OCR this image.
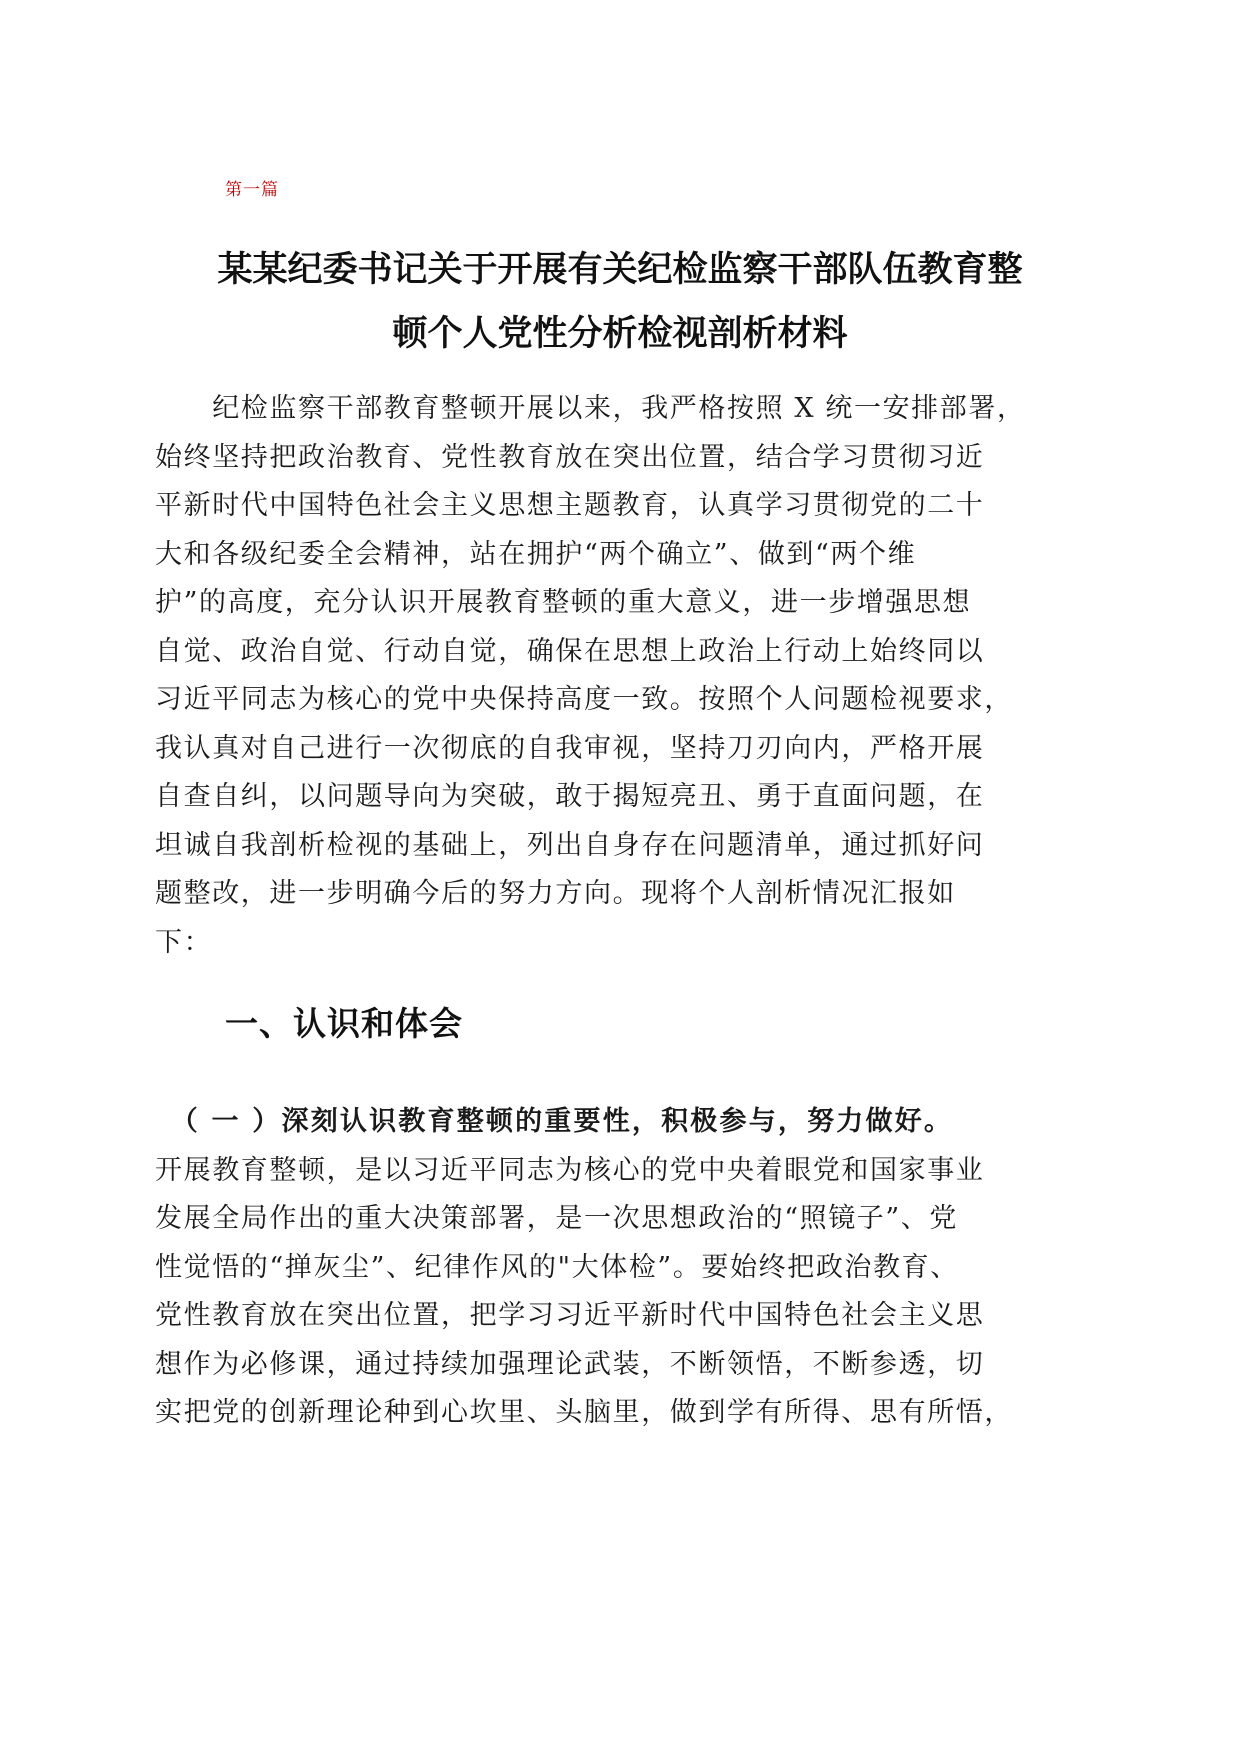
第一篇
某某纪委书记关于开展有关纪检监察干部队伍教育整
顿个人党性分析检视剖析材料
　　纪检监察干部教育整顿开展以来，我严格按照 X 统一安排部署，
始终坚持把政治教育、党性教育放在突出位置，结合学习贯彻习近
平新时代中国特色社会主义思想主题教育，认真学习贯彻党的二十
大和各级纪委全会精神，站在拥护“两个确立”、做到“两个维
护”的高度，充分认识开展教育整顿的重大意义，进一步增强思想
自觉、政治自觉、行动自觉，确保在思想上政治上行动上始终同以
习近平同志为核心的党中央保持高度一致。按照个人问题检视要求，
我认真对自己进行一次彻底的自我审视，坚持刀刃向内，严格开展
自查自纠，以问题导向为突破，敢于揭短亮丑、勇于直面问题，在
坦诚自我剖析检视的基础上，列出自身存在问题清单，通过抓好问
题整改，进一步明确今后的努力方向。现将个人剖析情况汇报如
下：
一、认识和体会
　（ 一 ）深刻认识教育整顿的重要性，积极参与，努力做好。
开展教育整顿，是以习近平同志为核心的党中央着眼党和国家事业
发展全局作出的重大决策部署，是一次思想政治的“照镜子”、党
性觉悟的“掸灰尘”、纪律作风的"大体检”。要始终把政治教育、
党性教育放在突出位置，把学习习近平新时代中国特色社会主义思
想作为必修课，通过持续加强理论武装，不断领悟，不断参透，切
实把党的创新理论种到心坎里、头脑里，做到学有所得、思有所悟，
